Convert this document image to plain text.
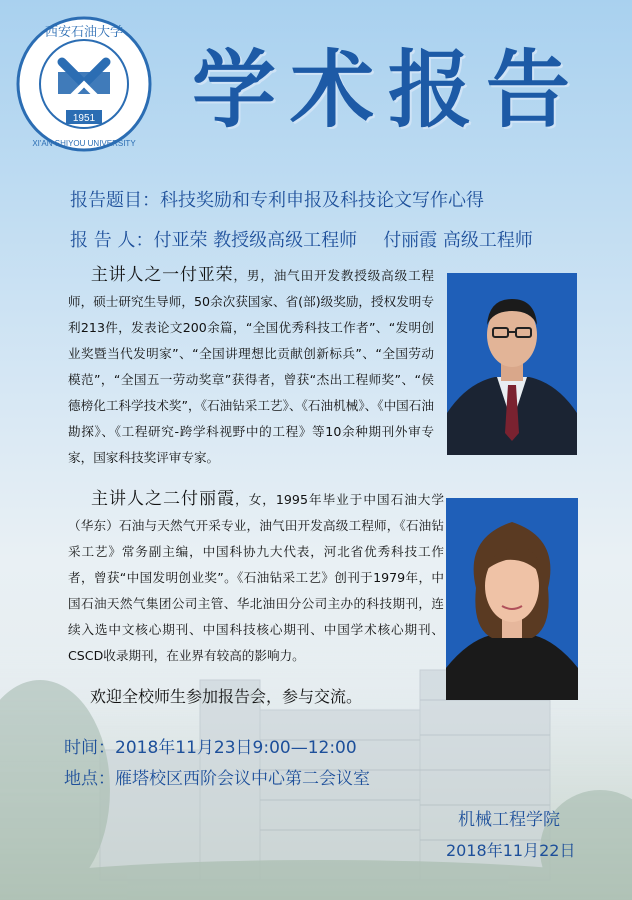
1951
西安石油大学
XI'AN SHIYOU UNIVERSITY
学术报告
报告题目：科技奖励和专利申报及科技论文写作心得
报 告 人：付亚荣 教授级高级工程师 付丽霞 高级工程师
主讲人之一付亚荣，男，油气田开发教授级高级工程师，硕士研究生导师，50余次获国家、省(部)级奖励，授权发明专利213件，发表论文200余篇，“全国优秀科技工作者”、“发明创业奖暨当代发明家”、“全国讲理想比贡献创新标兵”、“全国劳动模范”，“全国五一劳动奖章”获得者，曾获“杰出工程师奖”、“侯德榜化工科学技术奖”，《石油钻采工艺》、《石油机械》、《中国石油勘探》、《工程研究-跨学科视野中的工程》等10余种期刊外审专家，国家科技奖评审专家。
主讲人之二付丽霞，女，1995年毕业于中国石油大学（华东）石油与天然气开采专业，油气田开发高级工程师，《石油钻采工艺》常务副主编，中国科协九大代表，河北省优秀科技工作者，曾获“中国发明创业奖”。《石油钻采工艺》创刊于1979年，中国石油天然气集团公司主管、华北油田分公司主办的科技期刊，连续入选中文核心期刊、中国科技核心期刊、中国学术核心期刊、CSCD收录期刊，在业界有较高的影响力。
欢迎全校师生参加报告会，参与交流。
时间：2018年11月23日9:00—12:00
地点：雁塔校区西阶会议中心第二会议室
机械工程学院
2018年11月22日
